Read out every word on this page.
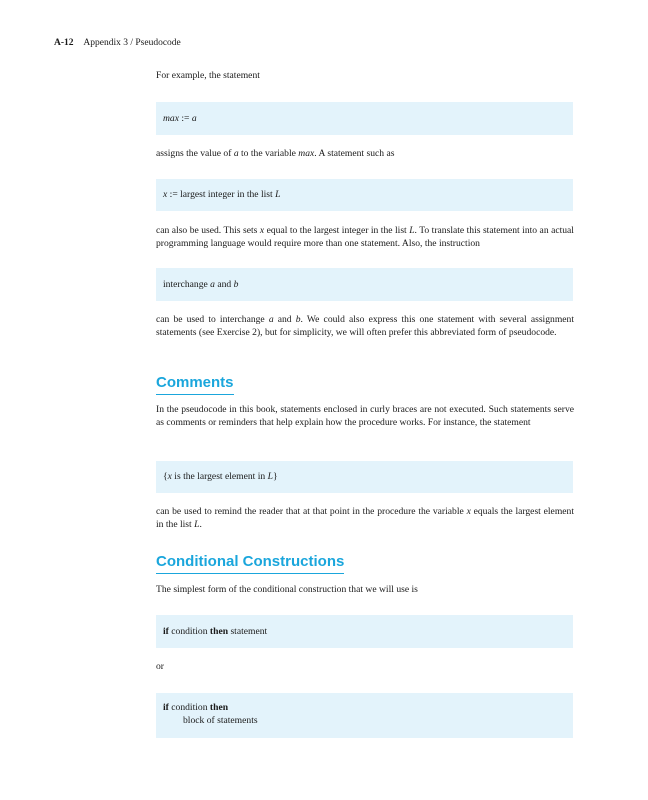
A-12 Appendix 3 / Pseudocode
For example, the statement
max := a
assigns the value of a to the variable max. A statement such as
x := largest integer in the list L
can also be used. This sets x equal to the largest integer in the list L. To translate this statement into an actual programming language would require more than one statement. Also, the instruction
interchange a and b
can be used to interchange a and b. We could also express this one statement with several assignment statements (see Exercise 2), but for simplicity, we will often prefer this abbreviated form of pseudocode.
Comments
In the pseudocode in this book, statements enclosed in curly braces are not executed. Such statements serve as comments or reminders that help explain how the procedure works. For instance, the statement
{x is the largest element in L}
can be used to remind the reader that at that point in the procedure the variable x equals the largest element in the list L.
Conditional Constructions
The simplest form of the conditional construction that we will use is
if condition then statement
or
if condition then
block of statements
